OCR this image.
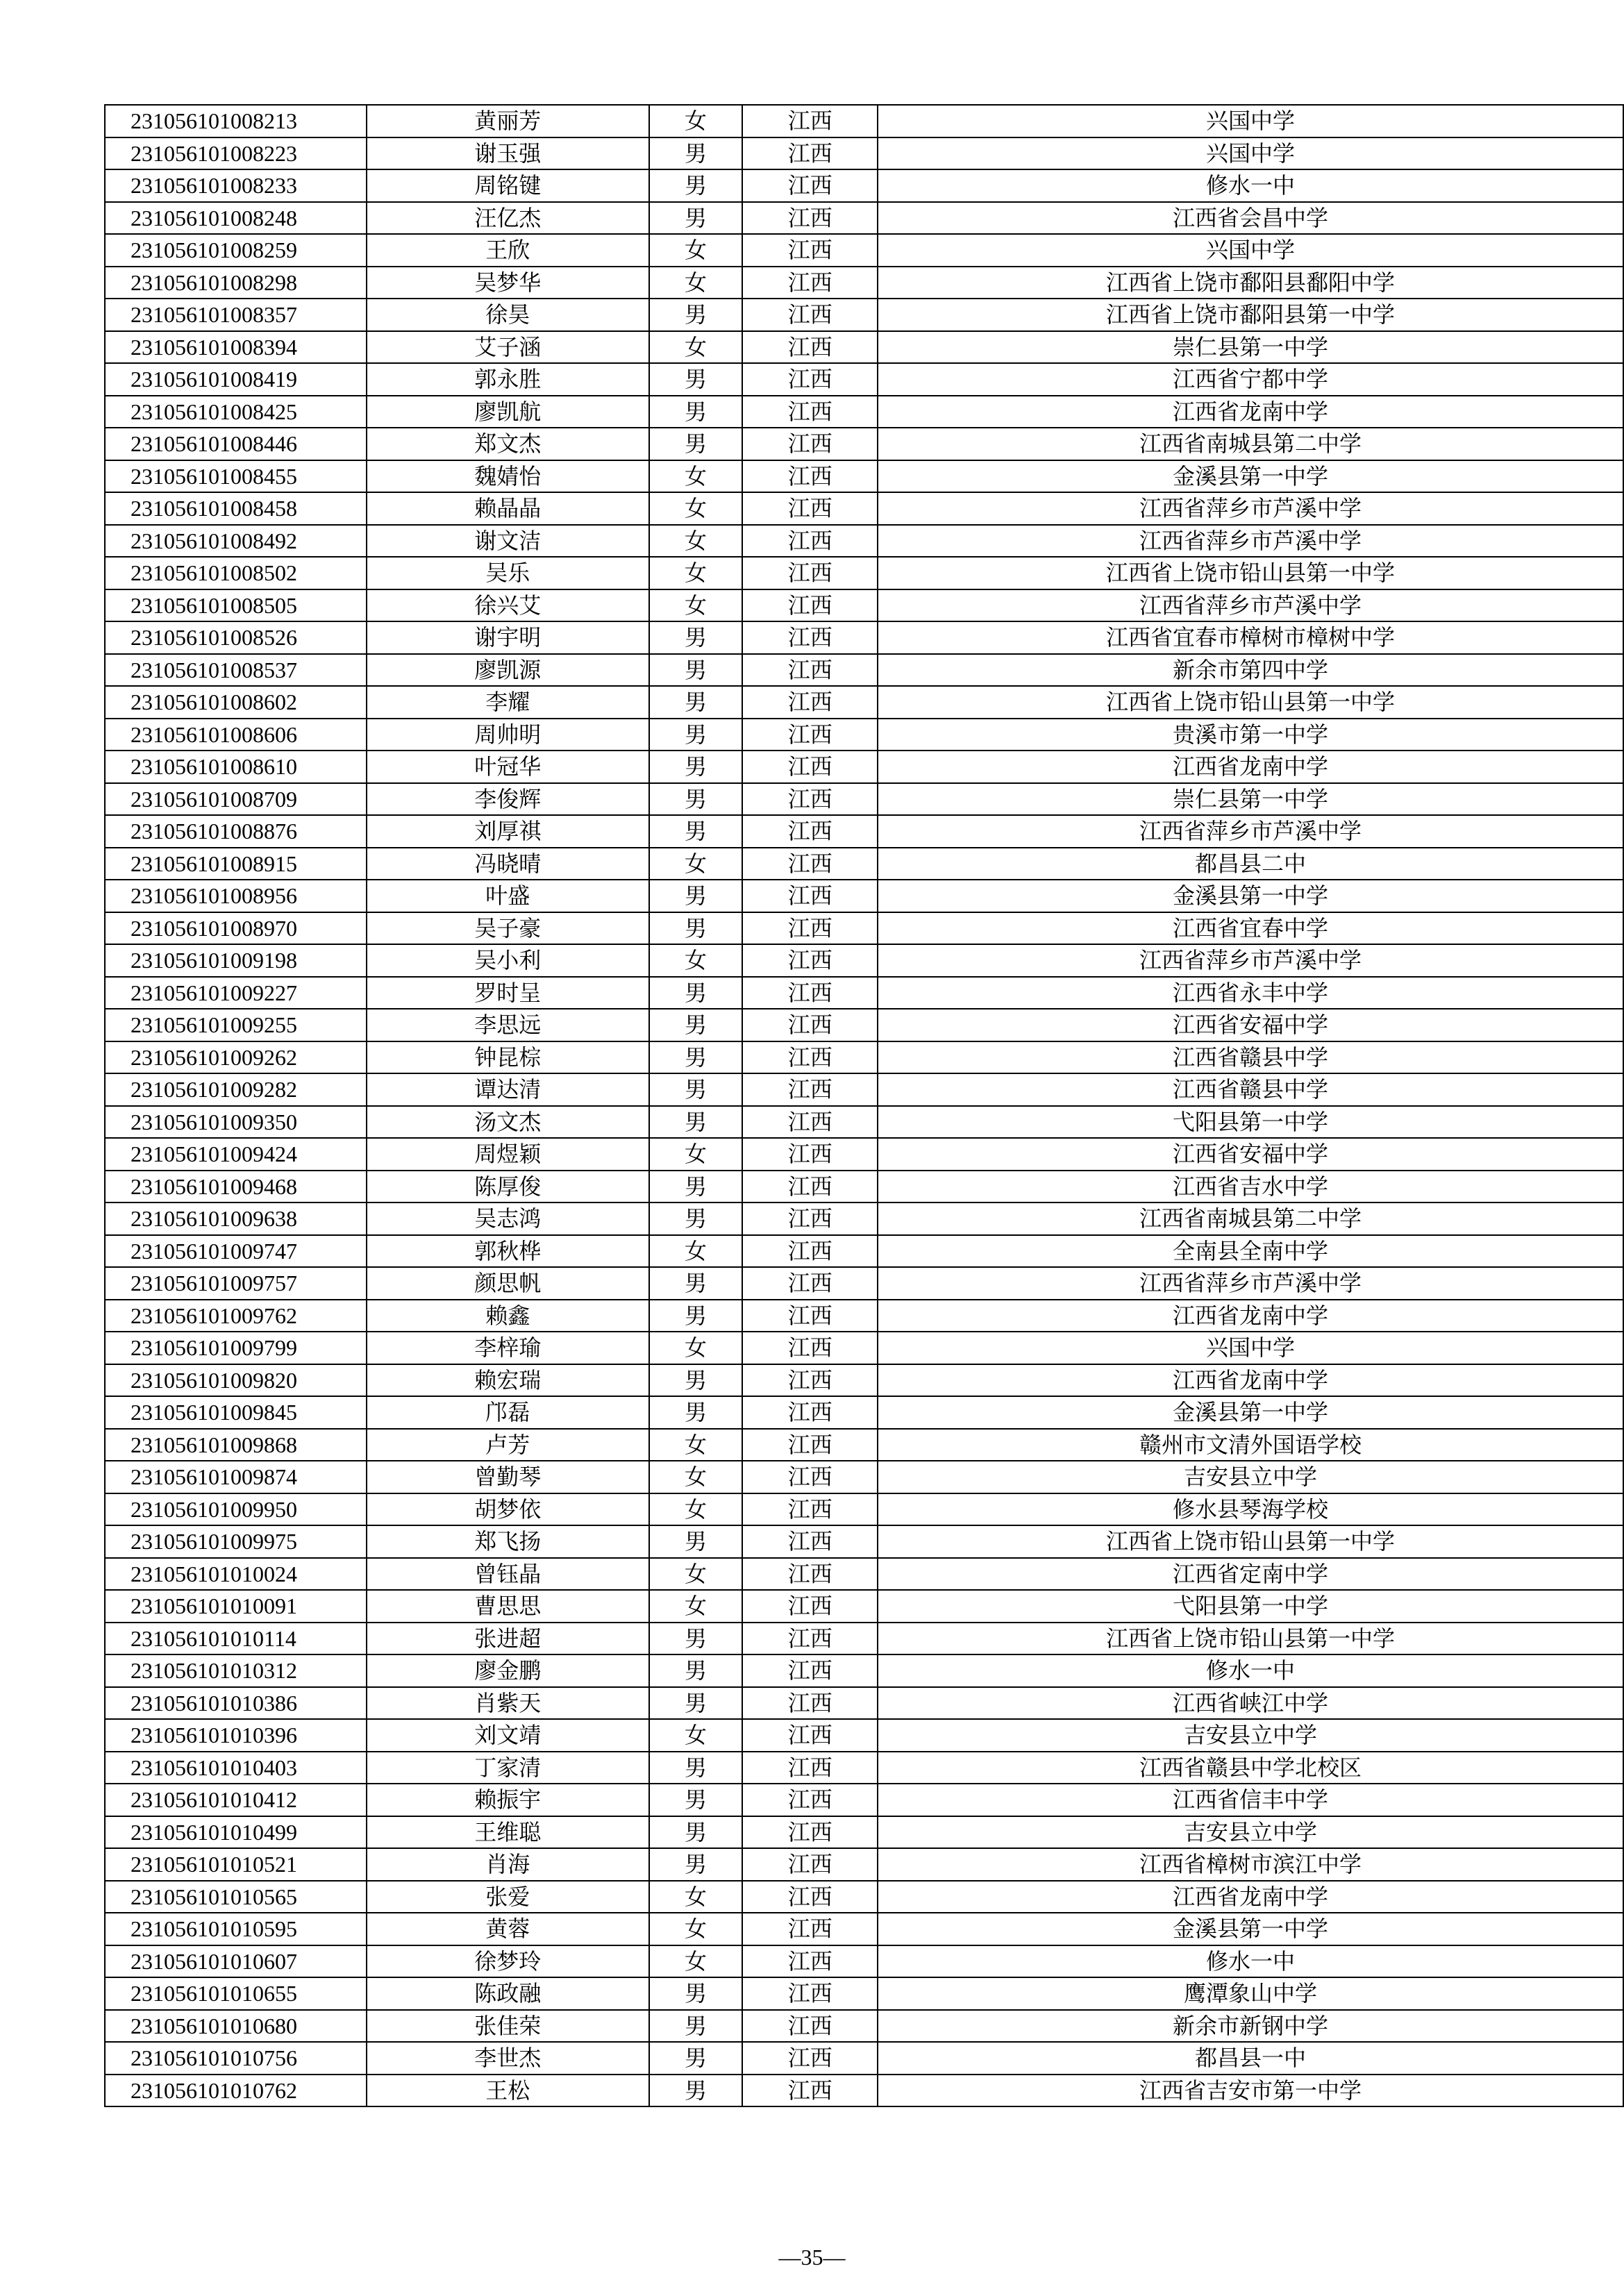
231056101008213	黄丽芳	女	江西	兴国中学
231056101008223	谢玉强	男	江西	兴国中学
231056101008233	周铭键	男	江西	修水一中
231056101008248	汪亿杰	男	江西	江西省会昌中学
231056101008259	王欣	女	江西	兴国中学
231056101008298	吴梦华	女	江西	江西省上饶市鄱阳县鄱阳中学
231056101008357	徐昊	男	江西	江西省上饶市鄱阳县第一中学
231056101008394	艾子涵	女	江西	崇仁县第一中学
231056101008419	郭永胜	男	江西	江西省宁都中学
231056101008425	廖凯航	男	江西	江西省龙南中学
231056101008446	郑文杰	男	江西	江西省南城县第二中学
231056101008455	魏婧怡	女	江西	金溪县第一中学
231056101008458	赖晶晶	女	江西	江西省萍乡市芦溪中学
231056101008492	谢文洁	女	江西	江西省萍乡市芦溪中学
231056101008502	吴乐	女	江西	江西省上饶市铅山县第一中学
231056101008505	徐兴艾	女	江西	江西省萍乡市芦溪中学
231056101008526	谢宇明	男	江西	江西省宜春市樟树市樟树中学
231056101008537	廖凯源	男	江西	新余市第四中学
231056101008602	李耀	男	江西	江西省上饶市铅山县第一中学
231056101008606	周帅明	男	江西	贵溪市第一中学
231056101008610	叶冠华	男	江西	江西省龙南中学
231056101008709	李俊辉	男	江西	崇仁县第一中学
231056101008876	刘厚祺	男	江西	江西省萍乡市芦溪中学
231056101008915	冯晓晴	女	江西	都昌县二中
231056101008956	叶盛	男	江西	金溪县第一中学
231056101008970	吴子豪	男	江西	江西省宜春中学
231056101009198	吴小利	女	江西	江西省萍乡市芦溪中学
231056101009227	罗时呈	男	江西	江西省永丰中学
231056101009255	李思远	男	江西	江西省安福中学
231056101009262	钟昆棕	男	江西	江西省赣县中学
231056101009282	谭达清	男	江西	江西省赣县中学
231056101009350	汤文杰	男	江西	弋阳县第一中学
231056101009424	周煜颖	女	江西	江西省安福中学
231056101009468	陈厚俊	男	江西	江西省吉水中学
231056101009638	吴志鸿	男	江西	江西省南城县第二中学
231056101009747	郭秋桦	女	江西	全南县全南中学
231056101009757	颜思帆	男	江西	江西省萍乡市芦溪中学
231056101009762	赖鑫	男	江西	江西省龙南中学
231056101009799	李梓瑜	女	江西	兴国中学
231056101009820	赖宏瑞	男	江西	江西省龙南中学
231056101009845	邝磊	男	江西	金溪县第一中学
231056101009868	卢芳	女	江西	赣州市文清外国语学校
231056101009874	曾勤琴	女	江西	吉安县立中学
231056101009950	胡梦依	女	江西	修水县琴海学校
231056101009975	郑飞扬	男	江西	江西省上饶市铅山县第一中学
231056101010024	曾钰晶	女	江西	江西省定南中学
231056101010091	曹思思	女	江西	弋阳县第一中学
231056101010114	张进超	男	江西	江西省上饶市铅山县第一中学
231056101010312	廖金鹏	男	江西	修水一中
231056101010386	肖紫天	男	江西	江西省峡江中学
231056101010396	刘文靖	女	江西	吉安县立中学
231056101010403	丁家清	男	江西	江西省赣县中学北校区
231056101010412	赖振宇	男	江西	江西省信丰中学
231056101010499	王维聪	男	江西	吉安县立中学
231056101010521	肖海	男	江西	江西省樟树市滨江中学
231056101010565	张爱	女	江西	江西省龙南中学
231056101010595	黄蓉	女	江西	金溪县第一中学
231056101010607	徐梦玲	女	江西	修水一中
231056101010655	陈政融	男	江西	鹰潭象山中学
231056101010680	张佳荣	男	江西	新余市新钢中学
231056101010756	李世杰	男	江西	都昌县一中
231056101010762	王松	男	江西	江西省吉安市第一中学
—35—
